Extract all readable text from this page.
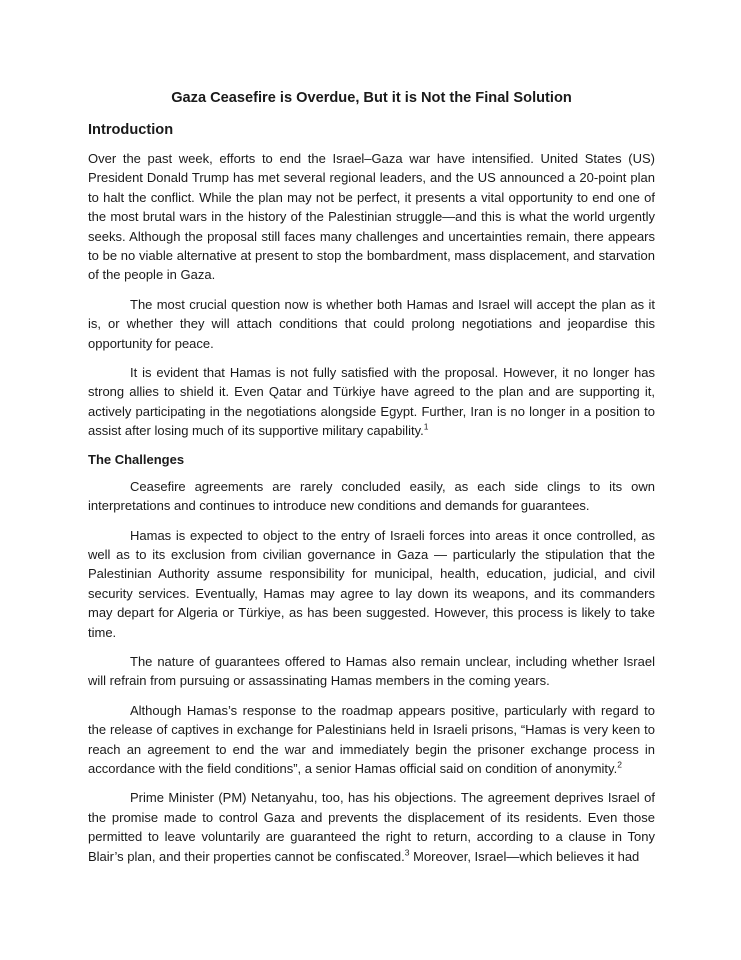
Gaza Ceasefire is Overdue, But it is Not the Final Solution
Introduction

Over the past week, efforts to end the Israel–Gaza war have intensified. United States (US) President Donald Trump has met several regional leaders, and the US announced a 20-point plan to halt the conflict. While the plan may not be perfect, it presents a vital opportunity to end one of the most brutal wars in the history of the Palestinian struggle—and this is what the world urgently seeks. Although the proposal still faces many challenges and uncertainties remain, there appears to be no viable alternative at present to stop the bombardment, mass displacement, and starvation of the people in Gaza.

The most crucial question now is whether both Hamas and Israel will accept the plan as it is, or whether they will attach conditions that could prolong negotiations and jeopardise this opportunity for peace.

It is evident that Hamas is not fully satisfied with the proposal. However, it no longer has strong allies to shield it. Even Qatar and Türkiye have agreed to the plan and are supporting it, actively participating in the negotiations alongside Egypt. Further, Iran is no longer in a position to assist after losing much of its supportive military capability.$^1$

The Challenges

Ceasefire agreements are rarely concluded easily, as each side clings to its own interpretations and continues to introduce new conditions and demands for guarantees.

Hamas is expected to object to the entry of Israeli forces into areas it once controlled, as well as to its exclusion from civilian governance in Gaza — particularly the stipulation that the Palestinian Authority assume responsibility for municipal, health, education, judicial, and civil security services. Eventually, Hamas may agree to lay down its weapons, and its commanders may depart for Algeria or Türkiye, as has been suggested. However, this process is likely to take time.

The nature of guarantees offered to Hamas also remain unclear, including whether Israel will refrain from pursuing or assassinating Hamas members in the coming years.

Although Hamas’s response to the roadmap appears positive, particularly with regard to the release of captives in exchange for Palestinians held in Israeli prisons, “Hamas is very keen to reach an agreement to end the war and immediately begin the prisoner exchange process in accordance with the field conditions”, a senior Hamas official said on condition of anonymity.$^2$

Prime Minister (PM) Netanyahu, too, has his objections. The agreement deprives Israel of the promise made to control Gaza and prevents the displacement of its residents. Even those permitted to leave voluntarily are guaranteed the right to return, according to a clause in Tony Blair’s plan, and their properties cannot be confiscated.$^3$ Moreover, Israel—which believes it had
